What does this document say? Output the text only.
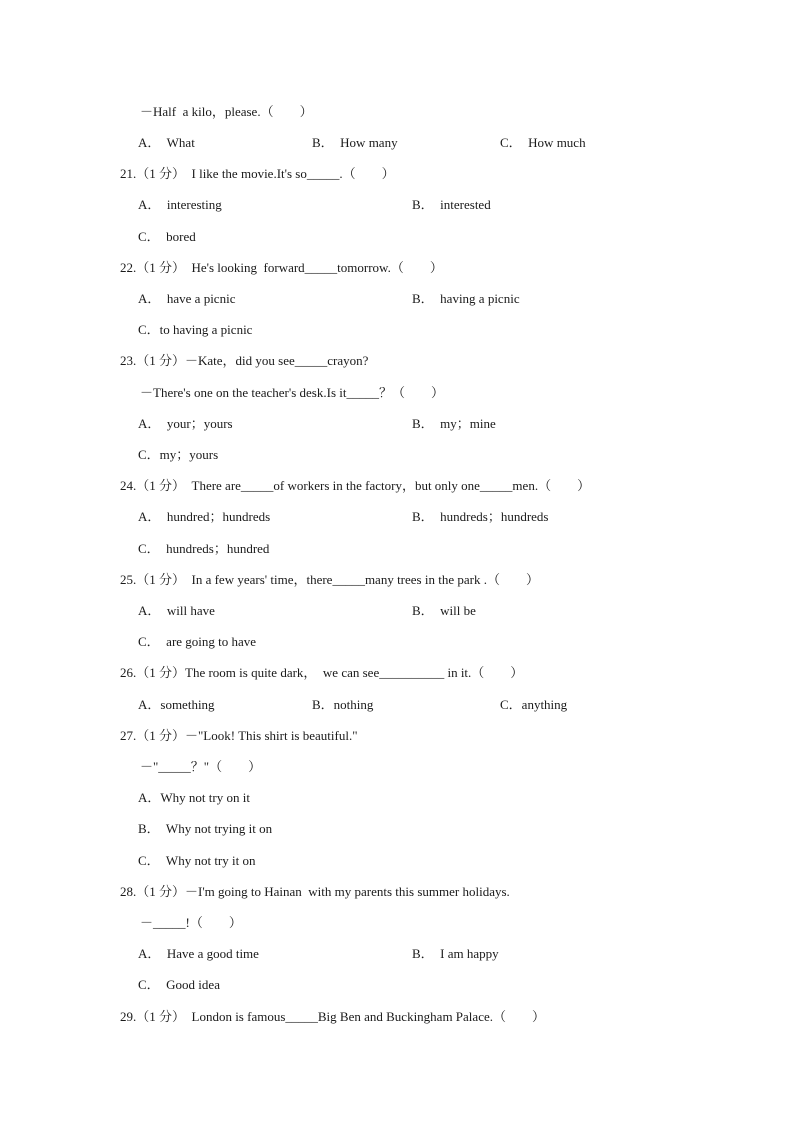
－Half  a kilo，please.（　　）
A．  What	B．  How many	C．  How much
21.（1 分）  I like the movie.It's so_____.（　　）
A．  interesting	B．  interested
C．  bored
22.（1 分）  He's looking  forward_____tomorrow.（　　）
A．  have a picnic	B．  having a picnic
C．to having a picnic
23.（1 分）－Kate，did you see_____crayon?
－There's one on the teacher's desk.Is it_____？（　　）
A．  your；yours	B．  my；mine
C．my；yours
24.（1 分）  There are_____of workers in the factory，but only one_____men.（　　）
A．  hundred；hundreds	B．  hundreds；hundreds
C．  hundreds；hundred
25.（1 分）  In a few years' time，there_____many trees in the park .（　　）
A．  will have	B．  will be
C．  are going to have
26.（1 分）The room is quite dark，  we can see__________ in it.（　　）
A．something	B．nothing	C．anything
27.（1 分）－"Look! This shirt is beautiful."
－"_____？"（　　）
A．Why not try on it
B．  Why not trying it on
C．  Why not try it on
28.（1 分）－I'm going to Hainan  with my parents this summer holidays.
－_____!（　　）
A．  Have a good time	B．  I am happy
C．  Good idea
29.（1 分）  London is famous_____Big Ben and Buckingham Palace.（　　）
